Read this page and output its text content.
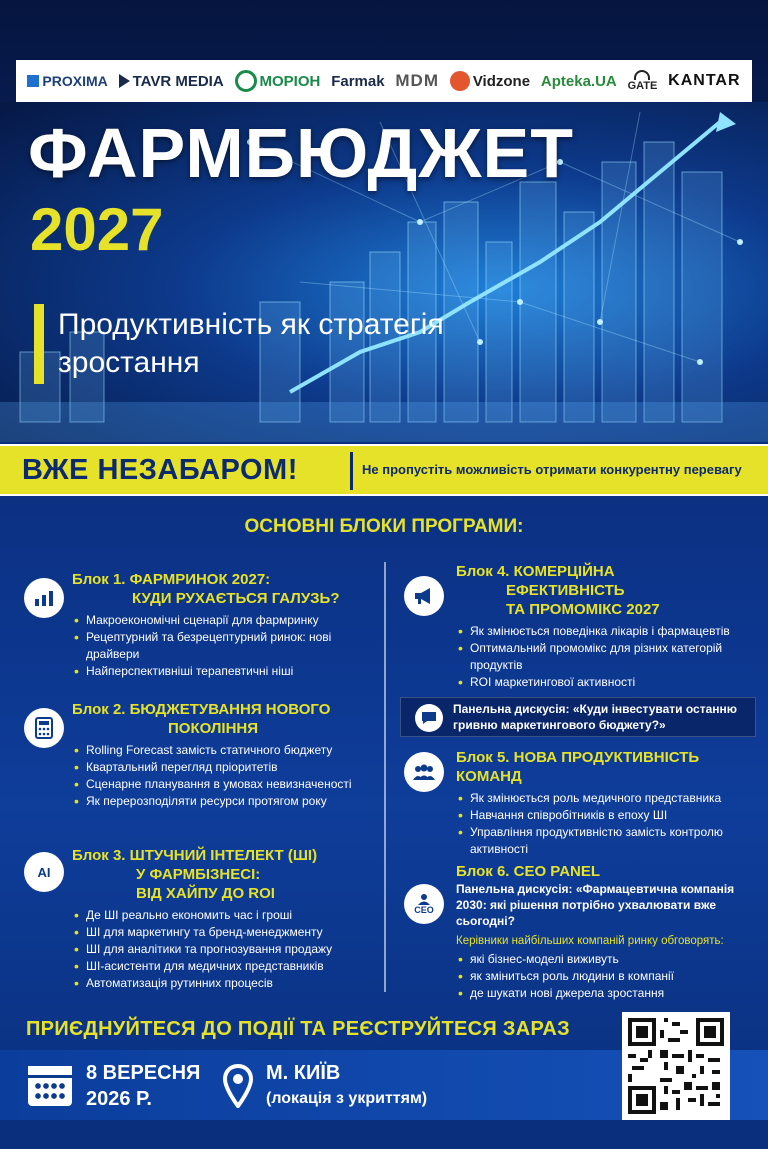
PROXIMA TAVR MEDIA МОРІОН Farmak MDM Vidzone Apteka.UA GATE KANTAR
ФАРМБЮДЖЕТ
2027
Продуктивність як стратегія зростання
ВЖЕ НЕЗАБАРОМ!	Не пропустіть можливість отримати конкурентну перевагу
ОСНОВНІ БЛОКИ ПРОГРАМИ:
Блок 1. ФАРМРИНОК 2027:
КУДИ РУХАЄТЬСЯ ГАЛУЗЬ?
• Макроекономічні сценарії для фармринку
• Рецептурний та безрецептурний ринок: нові драйвери
• Найперспективніші терапевтичні ніші
Блок 2. БЮДЖЕТУВАННЯ НОВОГО
ПОКОЛІННЯ
• Rolling Forecast замість статичного бюджету
• Квартальний перегляд пріоритетів
• Сценарне планування в умовах невизначеності
• Як перерозподіляти ресурси протягом року
AI
Блок 3. ШТУЧНИЙ ІНТЕЛЕКТ (ШІ)
У ФАРМБІЗНЕСІ:
ВІД ХАЙПУ ДО ROI
• Де ШІ реально економить час і гроші
• ШІ для маркетингу та бренд-менеджменту
• ШІ для аналітики та прогнозування продажу
• ШІ-асистенти для медичних представників
• Автоматизація рутинних процесів
Блок 4. КОМЕРЦІЙНА
ЕФЕКТИВНІСТЬ
ТА ПРОМОМІКС 2027
• Як змінюється поведінка лікарів і фармацевтів
• Оптимальний промомікс для різних категорій продуктів
• ROI маркетингової активності
Панельна дискусія: «Куди інвестувати останню гривню маркетингового бюджету?»
Блок 5. НОВА ПРОДУКТИВНІСТЬ
КОМАНД
• Як змінюється роль медичного представника
• Навчання співробітників в епоху ШІ
• Управління продуктивністю замість контролю активності
CEO
Блок 6. CEO PANEL
Панельна дискусія: «Фармацевтична компанія 2030: які рішення потрібно ухвалювати вже сьогодні?
Керівники найбільших компаній ринку обговорять:
• які бізнес-моделі виживуть
• як зміниться роль людини в компанії
• де шукати нові джерела зростання
ПРИЄДНУЙТЕСЯ ДО ПОДІЇ ТА РЕЄСТРУЙТЕСЯ ЗАРАЗ
8 ВЕРЕСНЯ
2026 Р.
М. КИЇВ
(локація з укриттям)
